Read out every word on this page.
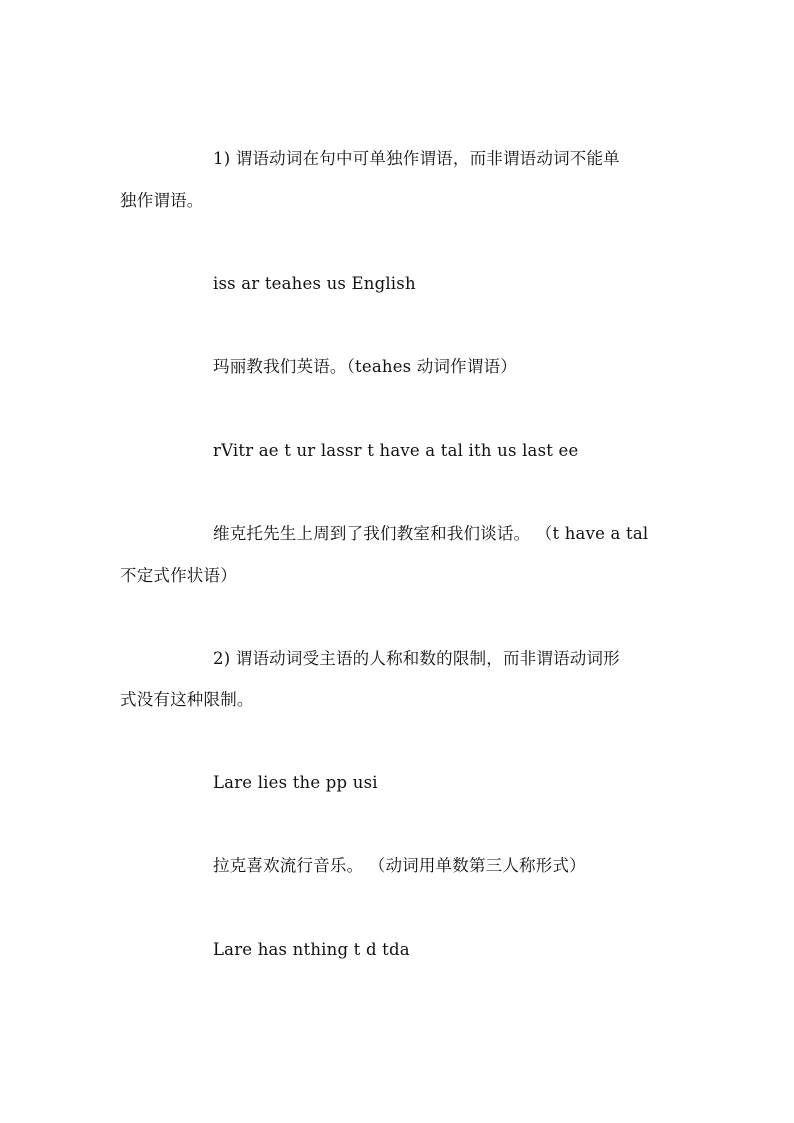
1) 谓语动词在句中可单独作谓语，而非谓语动词不能单
独作谓语。
iss ar teahes us English
玛丽教我们英语。（teahes 动词作谓语）
rVitr ae t ur lassr t have a tal ith us last ee
维克托先生上周到了我们教室和我们谈话。 （t have a tal
不定式作状语）
2) 谓语动词受主语的人称和数的限制，而非谓语动词形
式没有这种限制。
Lare lies the pp usi
拉克喜欢流行音乐。 （动词用单数第三人称形式）
Lare has nthing t d tda
